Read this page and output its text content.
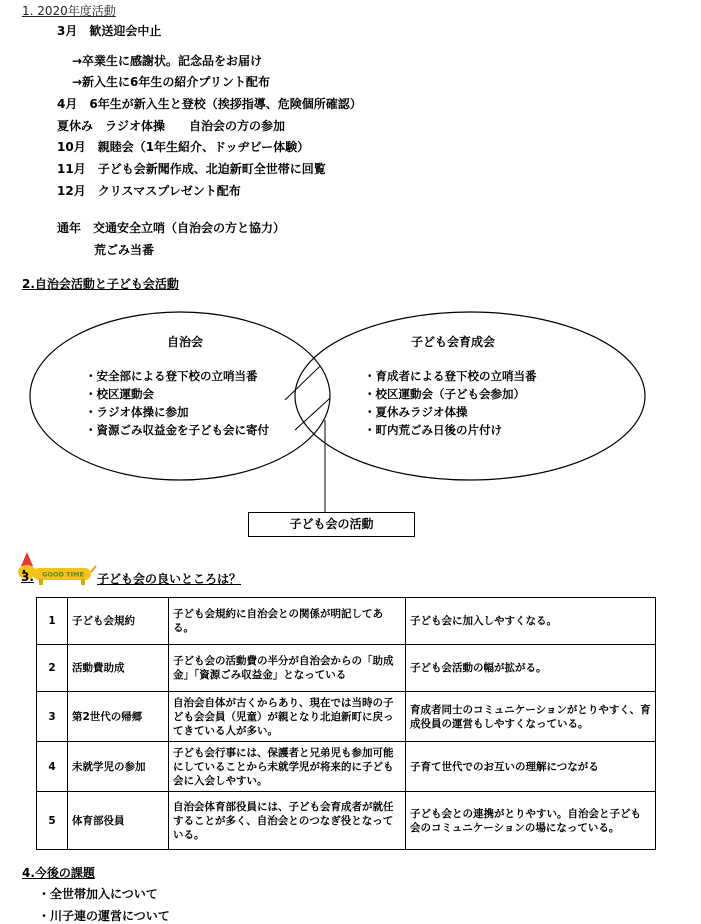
1. 2020年度活動
3月　歓送迎会中止
→卒業生に感謝状。記念品をお届け
→新入生に6年生の紹介プリント配布
4月　6年生が新入生と登校（挨拶指導、危険個所確認）
夏休み　ラジオ体操　　自治会の方の参加
10月　親睦会（1年生紹介、ドッヂビー体験）
11月　子ども会新聞作成、北迫新町全世帯に回覧
12月　クリスマスプレゼント配布
通年　交通安全立哨（自治会の方と協力）
荒ごみ当番
2.自治会活動と子ども会活動
自治会
・安全部による登下校の立哨当番
・校区運動会
・ラジオ体操に参加
・資源ごみ収益金を子ども会に寄付
子ども会育成会
・育成者による登下校の立哨当番
・校区運動会（子ども会参加）
・夏休みラジオ体操
・町内荒ごみ日後の片付け
子ども会の活動
GOOD TIME
3.	子ども会の良いところは？
1	子ども会規約	子ども会規約に自治会との関係が明記してある。	子ども会に加入しやすくなる。
2	活動費助成	子ども会の活動費の半分が自治会からの「助成金」「資源ごみ収益金」となっている	子ども会活動の幅が拡がる。
3	第2世代の帰郷	自治会自体が古くからあり、現在では当時の子ども会会員（児童）が親となり北迫新町に戻ってきている人が多い。	育成者同士のコミュニケーションがとりやすく、育成役員の運営もしやすくなっている。
4	未就学児の参加	子ども会行事には、保護者と兄弟児も参加可能にしていることから未就学児が将来的に子ども会に入会しやすい。	子育て世代でのお互いの理解につながる
5	体育部役員	自治会体育部役員には、子ども会育成者が就任することが多く、自治会とのつなぎ役となっている。	子ども会との連携がとりやすい。自治会と子ども会のコミュニケーションの場になっている。
4.今後の課題
・全世帯加入について
・川子連の運営について
